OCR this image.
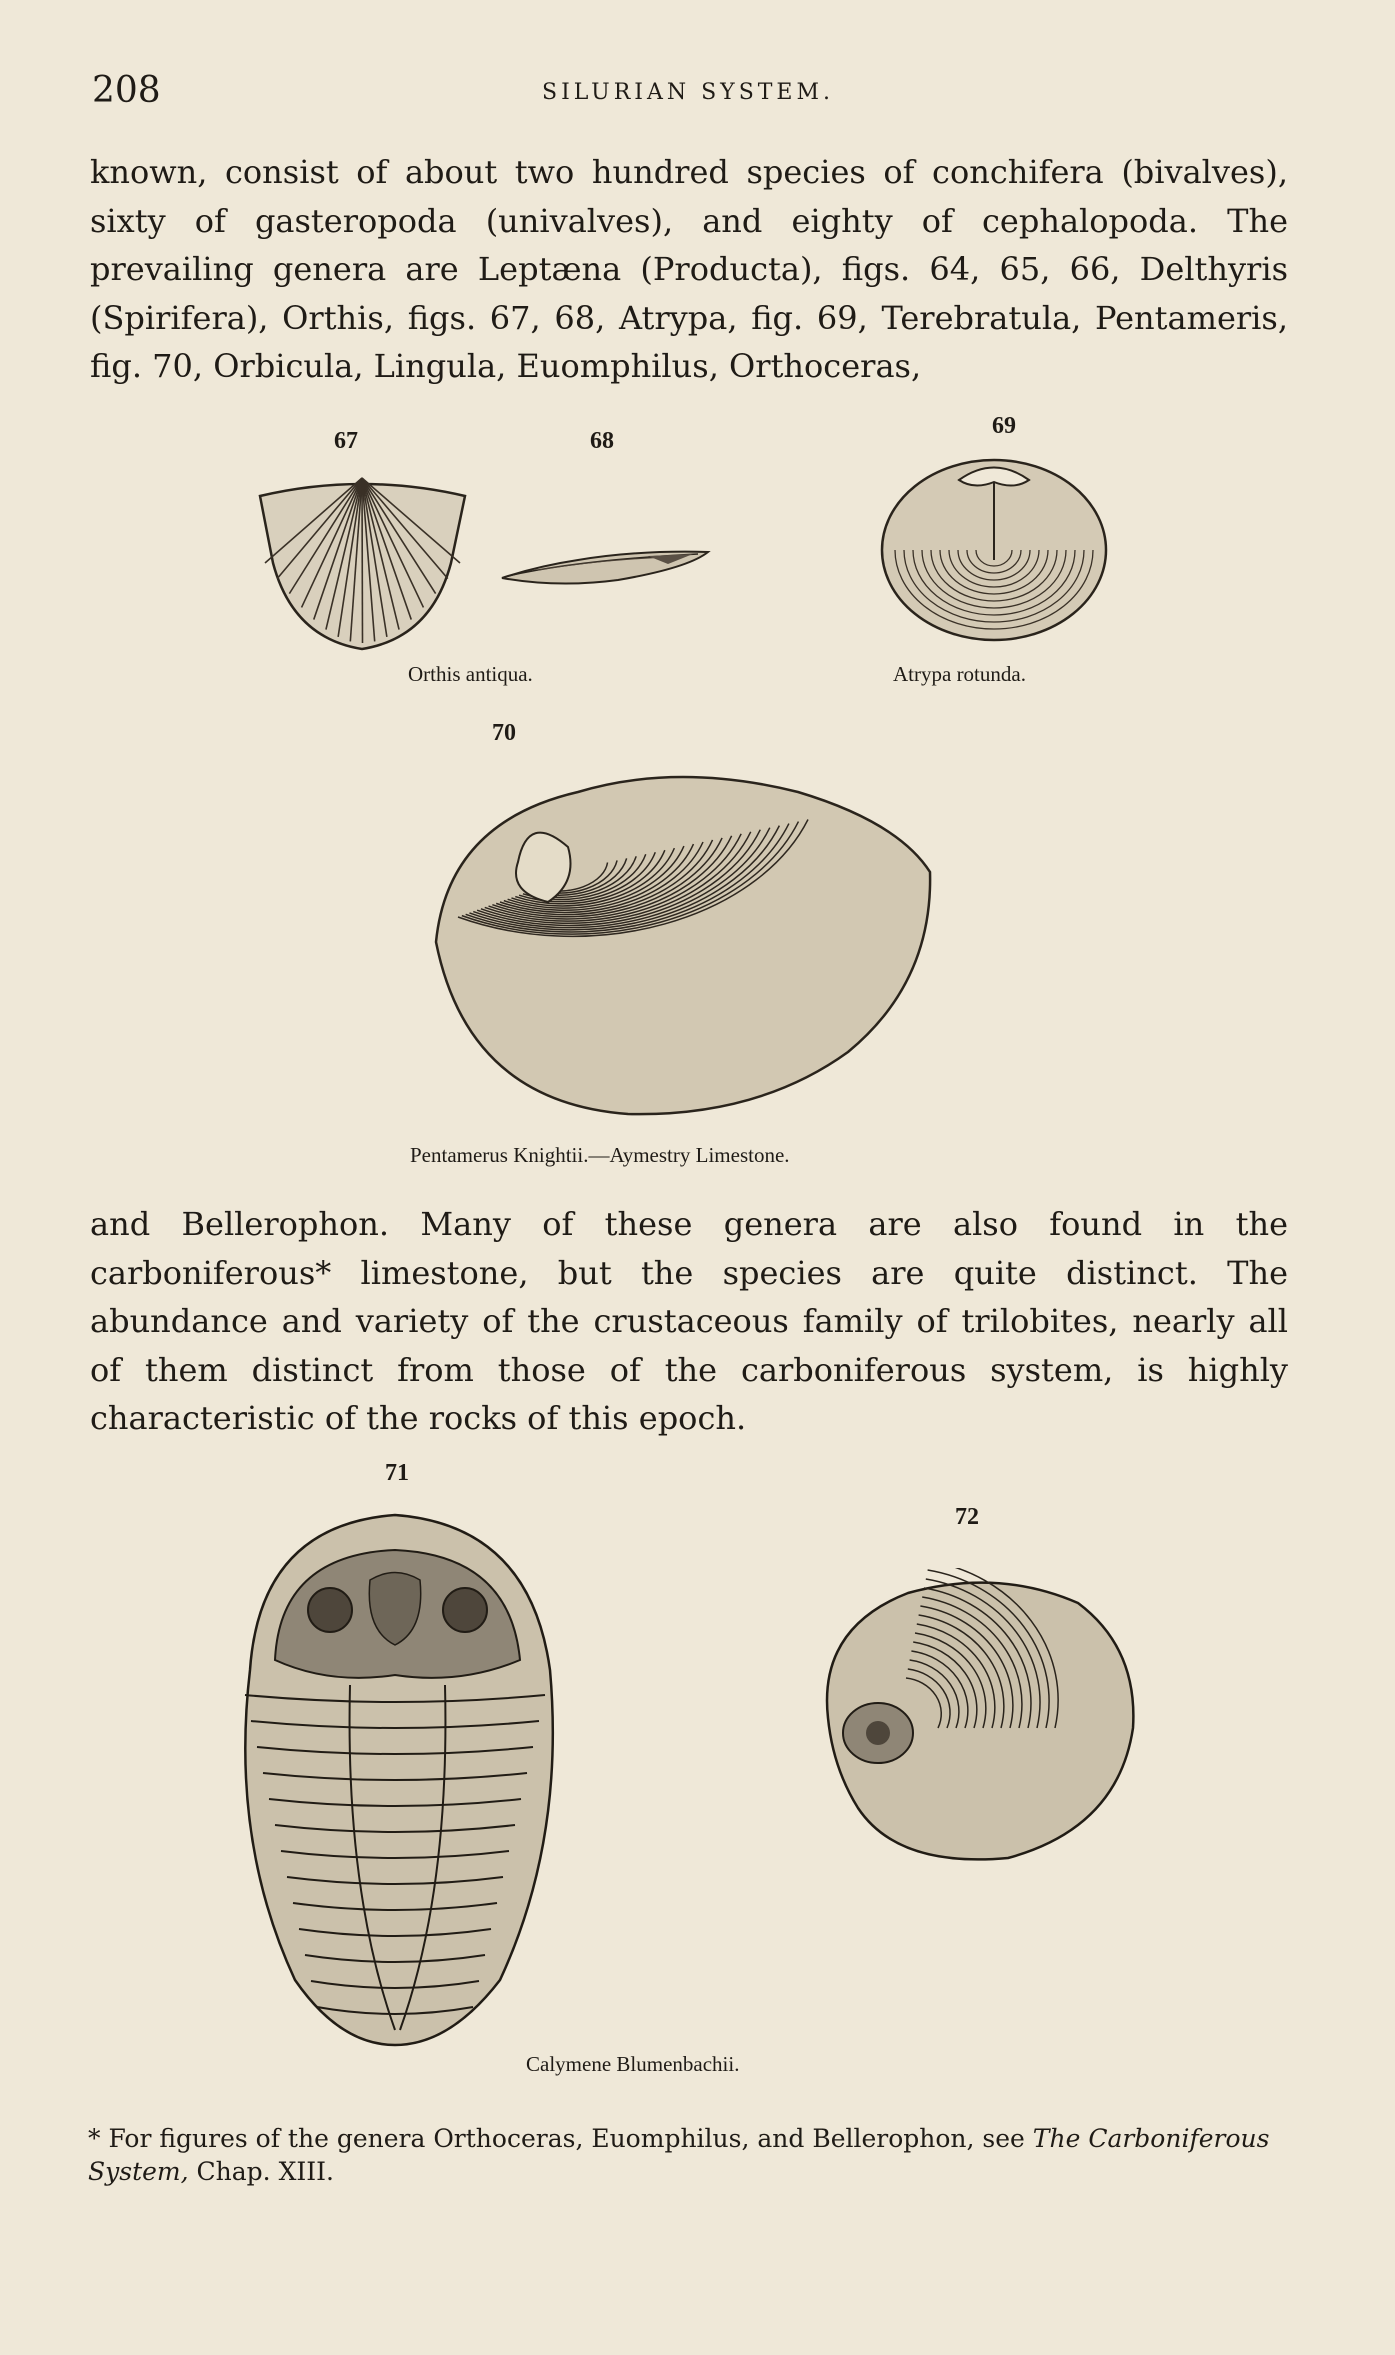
208	SILURIAN SYSTEM.

known, consist of about two hundred species of conchifera (bivalves), sixty of gasteropoda (univalves), and eighty of cephalopoda. The prevailing genera are Leptæna (Producta), figs. 64, 65, 66, Delthyris (Spirifera), Orthis, figs. 67, 68, Atrypa, fig. 69, Terebratula, Pentameris, fig. 70, Orbicula, Lingula, Euomphilus, Orthoceras,

67	68
69
Orthis antiqua.	Atrypa rotunda.
70
Pentamerus Knightii.—Aymestry Limestone.

and Bellerophon. Many of these genera are also found in the carboniferous* limestone, but the species are quite distinct. The abundance and variety of the crustaceous family of trilobites, nearly all of them distinct from those of the carboniferous system, is highly characteristic of the rocks of this epoch.

71
72
Calymene Blumenbachii.

* For figures of the genera Orthoceras, Euomphilus, and Bellerophon, see The Carboniferous System, Chap. XIII.
